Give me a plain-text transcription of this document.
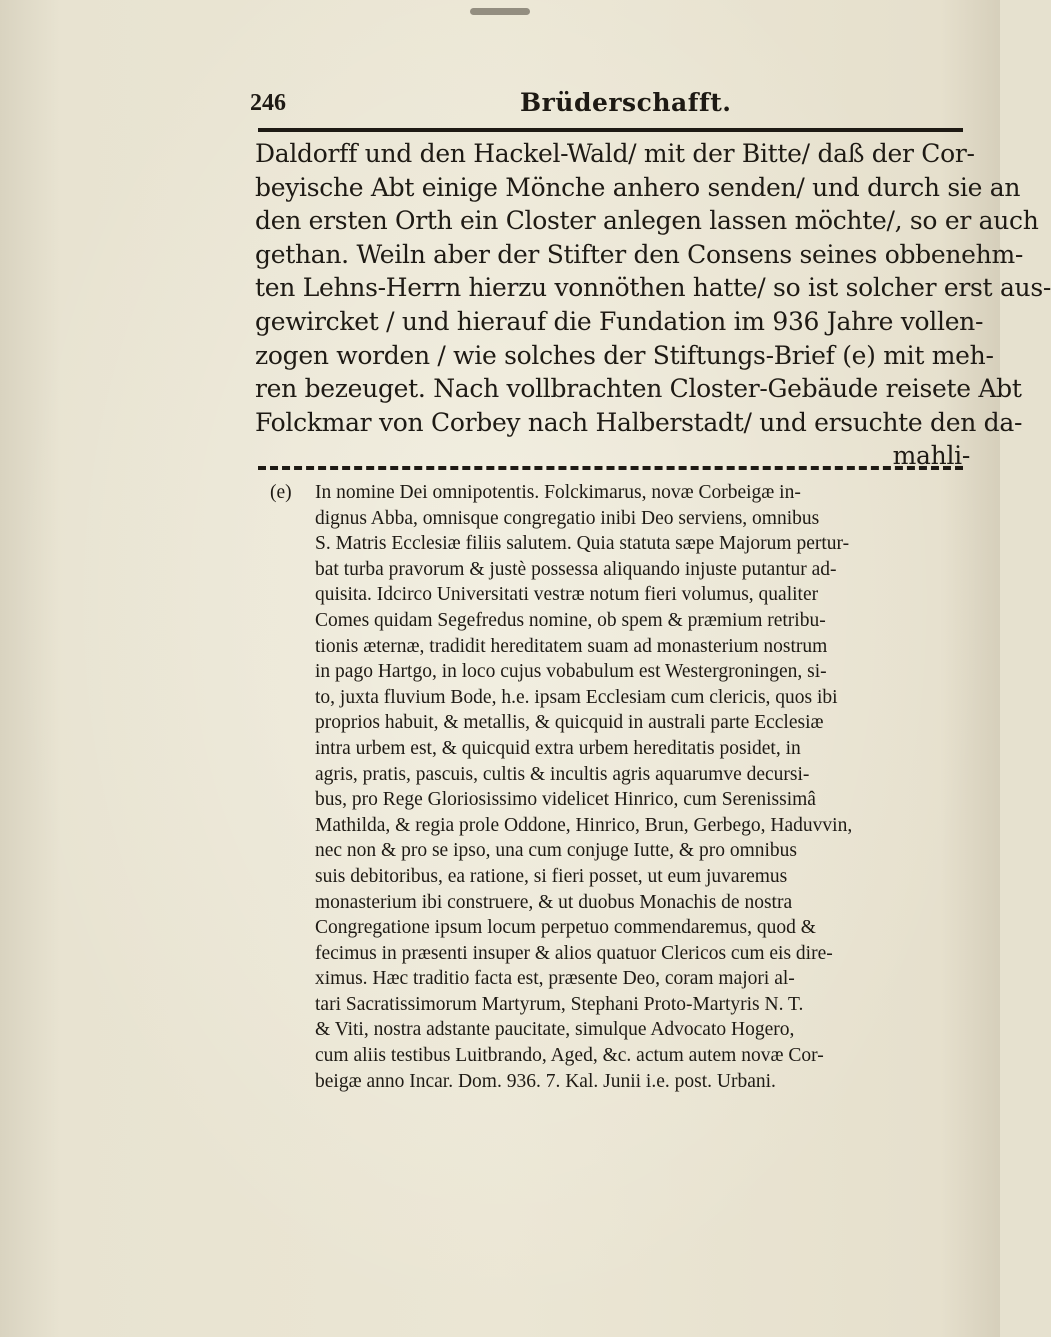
246	Brüderschafft.
Daldorff und den Hackel-Wald/ mit der Bitte/ daß der Cor-
beyische Abt einige Mönche anhero senden/ und durch sie an
den ersten Orth ein Closter anlegen lassen möchte/, so er auch
gethan. Weiln aber der Stifter den Consens seines obbenehm-
ten Lehns-Herrn hierzu vonnöthen hatte/ so ist solcher erst aus-
gewircket / und hierauf die Fundation im 936 Jahre vollen-
zogen worden / wie solches der Stiftungs-Brief (e) mit meh-
ren bezeuget. Nach vollbrachten Closter-Gebäude reisete Abt
Folckmar von Corbey nach Halberstadt/ und ersuchte den da-
mahli-
(e) In nomine Dei omnipotentis. Folckimarus, novæ Corbeigæ in-
dignus Abba, omnisque congregatio inibi Deo serviens, omnibus
S. Matris Ecclesiæ filiis salutem. Quia statuta sæpe Majorum pertur-
bat turba pravorum & justè possessa aliquando injuste putantur ad-
quisita. Idcirco Universitati vestræ notum fieri volumus, qualiter
Comes quidam Segefredus nomine, ob spem & præmium retribu-
tionis æternæ, tradidit hereditatem suam ad monasterium nostrum
in pago Hartgo, in loco cujus vobabulum est Westergroningen, si-
to, juxta fluvium Bode, h.e. ipsam Ecclesiam cum clericis, quos ibi
proprios habuit, & metallis, & quicquid in australi parte Ecclesiæ
intra urbem est, & quicquid extra urbem hereditatis posidet, in
agris, pratis, pascuis, cultis & incultis agris aquarumve decursi-
bus, pro Rege Gloriosissimo videlicet Hinrico, cum Serenissimâ
Mathilda, & regia prole Oddone, Hinrico, Brun, Gerbego, Haduvvin,
nec non & pro se ipso, una cum conjuge Iutte, & pro omnibus
suis debitoribus, ea ratione, si fieri posset, ut eum juvaremus
monasterium ibi construere, & ut duobus Monachis de nostra
Congregatione ipsum locum perpetuo commendaremus, quod &
fecimus in præsenti insuper & alios quatuor Clericos cum eis dire-
ximus. Hæc traditio facta est, præsente Deo, coram majori al-
tari Sacratissimorum Martyrum, Stephani Proto-Martyris N. T.
& Viti, nostra adstante paucitate, simulque Advocato Hogero,
cum aliis testibus Luitbrando, Aged, &c. actum autem novæ Cor-
beigæ anno Incar. Dom. 936. 7. Kal. Junii i.e. post. Urbani.
